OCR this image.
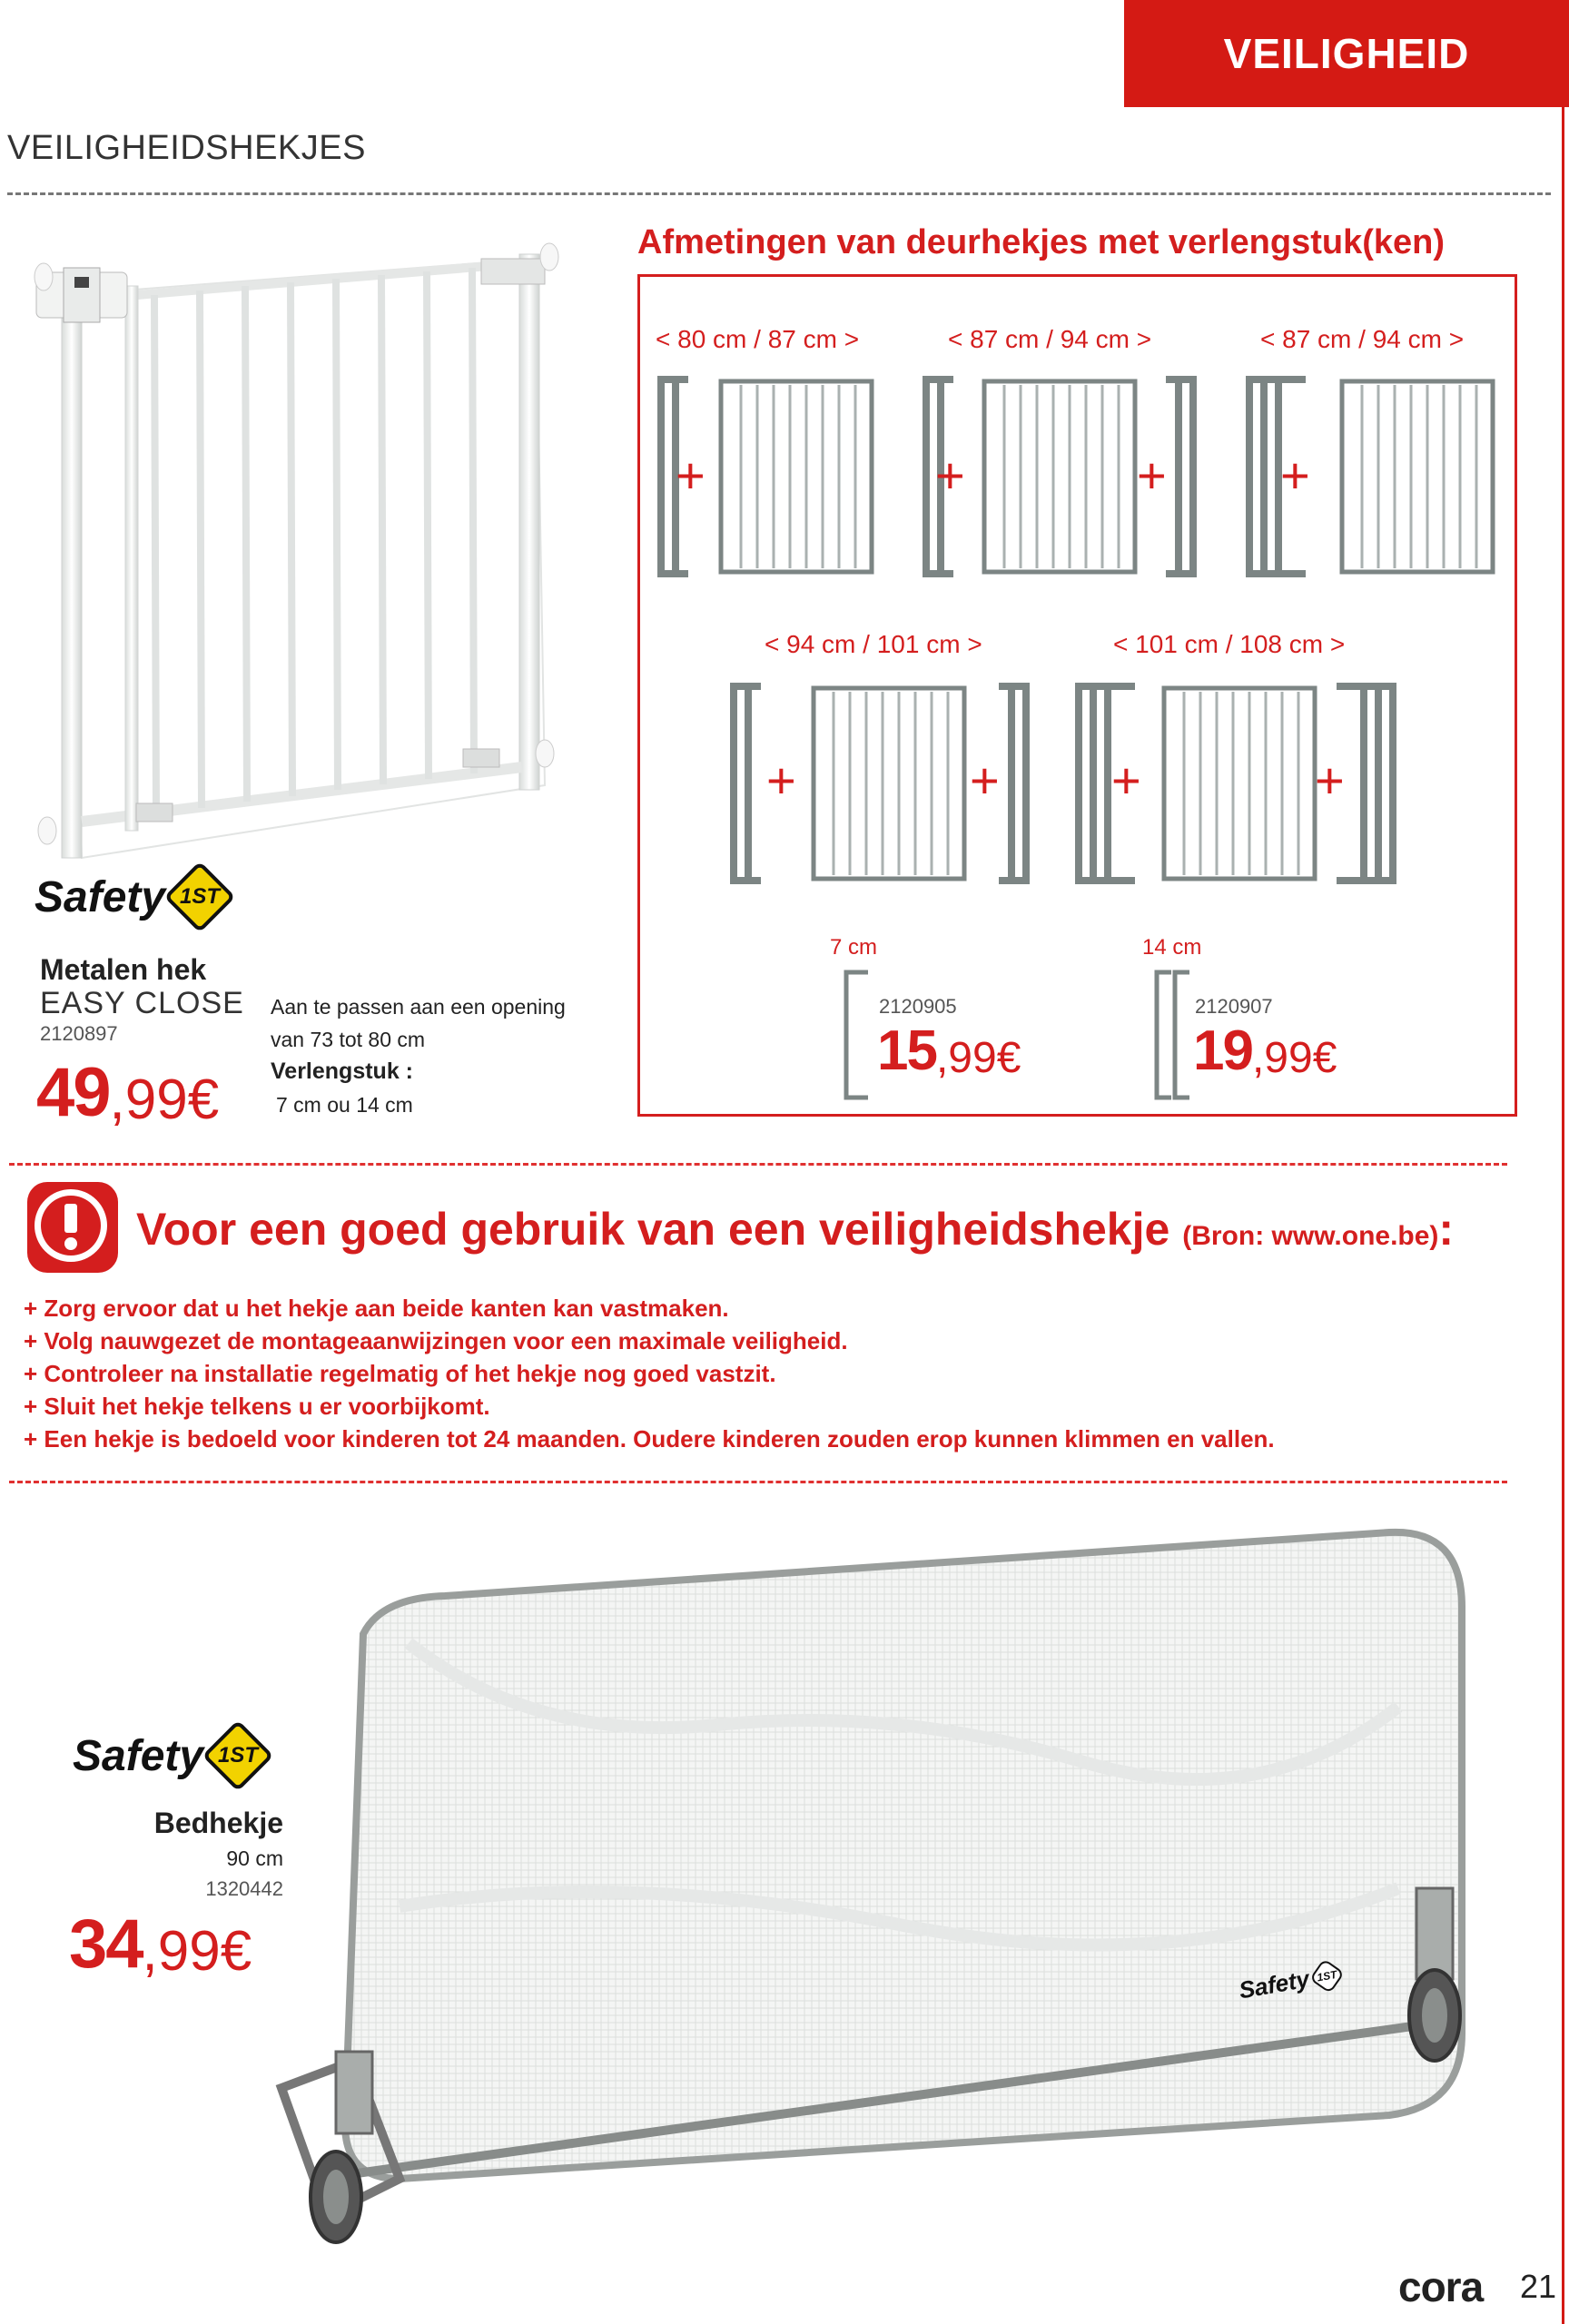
VEILIGHEID
VEILIGHEIDSHEKJES
Safety 1ST
Metalen hek
EASY CLOSE
2120897
49 ,99€
Aan te passen aan een opening
van 73 tot 80 cm
Verlengstuk :
7 cm ou 14 cm
Afmetingen van deurhekjes met verlengstuk(ken)
< 80 cm / 87 cm >	< 87 cm / 94 cm >	< 87 cm / 94 cm >
< 94 cm / 101 cm >	< 101 cm / 108 cm >
+	+	+ +
+	+ +	+
7 cm
2120905
15 ,99€
14 cm
2120907
19 ,99€
Voor een goed gebruik van een veiligheidshekje (Bron: www.one.be):
+ Zorg ervoor dat u het hekje aan beide kanten kan vastmaken.
+ Volg nauwgezet de montageaanwijzingen voor een maximale veiligheid.
+ Controleer na installatie regelmatig of het hekje nog goed vastzit.
+ Sluit het hekje telkens u er voorbijkomt.
+ Een hekje is bedoeld voor kinderen tot 24 maanden. Oudere kinderen zouden erop kunnen klimmen en vallen.
Safety 1ST
Safety 1ST
Bedhekje
90 cm
1320442
34 ,99€
cora 21
